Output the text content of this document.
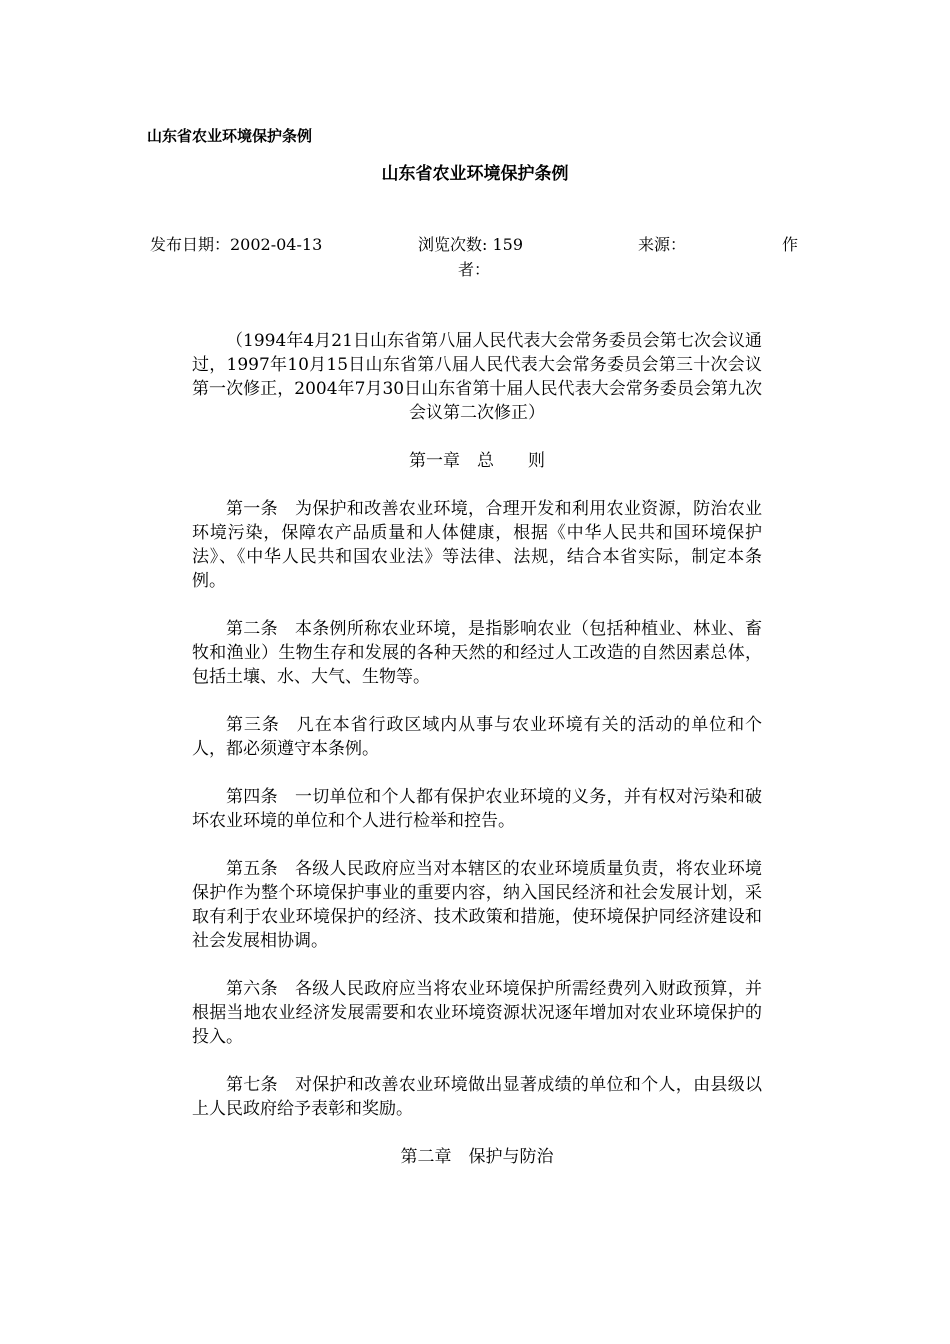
山东省农业环境保护条例
山东省农业环境保护条例
发布日期：2002-04-13	浏览次数: 159	来源：	作
者：

（1994年4月21日山东省第八届人民代表大会常务委员会第七次会议通过，1997年10月15日山东省第八届人民代表大会常务委员会第三十次会议第一次修正，2004年7月30日山东省第十届人民代表大会常务委员会第九次会议第二次修正）

第一章　总　　则

第一条 为保护和改善农业环境，合理开发和利用农业资源，防治农业环境污染，保障农产品质量和人体健康，根据《中华人民共和国环境保护法》、《中华人民共和国农业法》等法律、法规，结合本省实际，制定本条例。

第二条 本条例所称农业环境，是指影响农业（包括种植业、林业、畜牧和渔业）生物生存和发展的各种天然的和经过人工改造的自然因素总体，包括土壤、水、大气、生物等。

第三条 凡在本省行政区域内从事与农业环境有关的活动的单位和个人，都必须遵守本条例。

第四条 一切单位和个人都有保护农业环境的义务，并有权对污染和破坏农业环境的单位和个人进行检举和控告。

第五条 各级人民政府应当对本辖区的农业环境质量负责，将农业环境保护作为整个环境保护事业的重要内容，纳入国民经济和社会发展计划，采取有利于农业环境保护的经济、技术政策和措施，使环境保护同经济建设和社会发展相协调。

第六条 各级人民政府应当将农业环境保护所需经费列入财政预算，并根据当地农业经济发展需要和农业环境资源状况逐年增加对农业环境保护的投入。

第七条 对保护和改善农业环境做出显著成绩的单位和个人，由县级以上人民政府给予表彰和奖励。

第二章　保护与防治
